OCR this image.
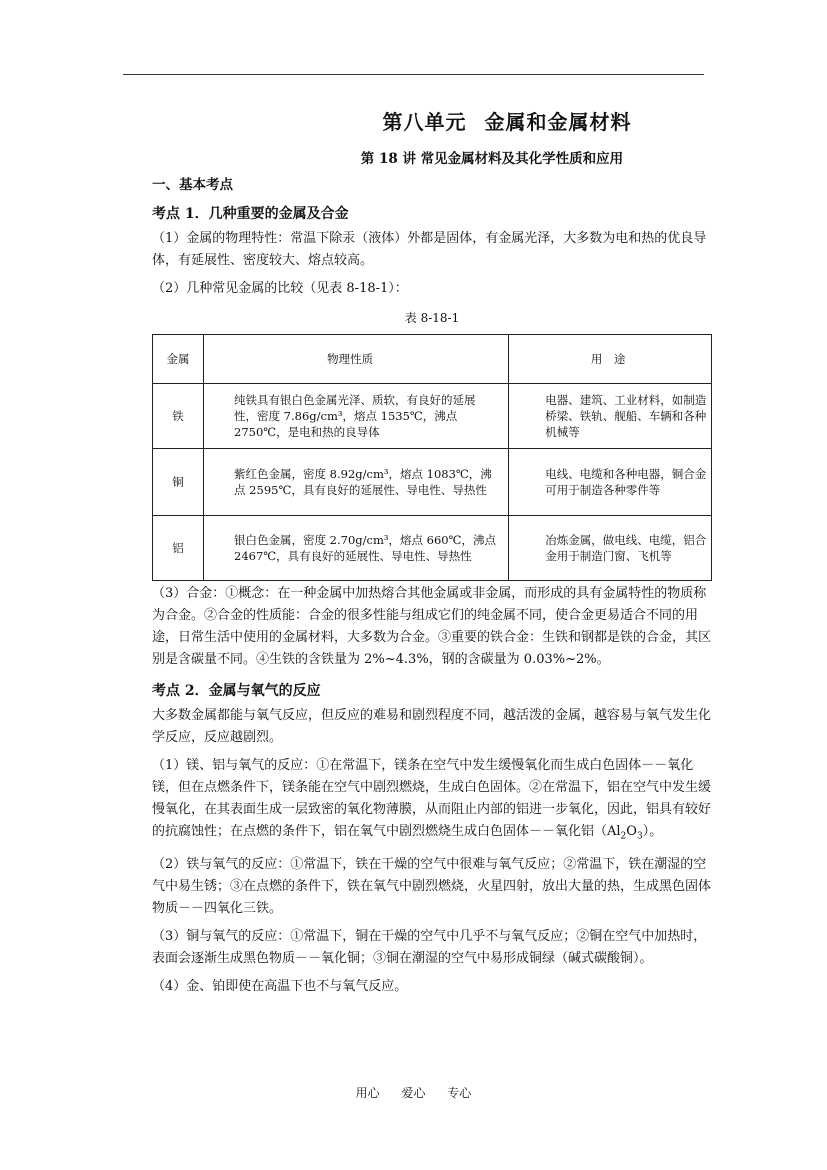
第八单元 金属和金属材料
第 18 讲 常见金属材料及其化学性质和应用
一、基本考点
考点 1．几种重要的金属及合金
（1）金属的物理特性：常温下除汞（液体）外都是固体，有金属光泽，大多数为电和热的优良导体，有延展性、密度较大、熔点较高。
（2）几种常见金属的比较（见表 8-18-1）：
表 8-18-1
金属	物理性质	用　途
铁	纯铁具有银白色金属光泽、质软，有良好的延展性，密度 7.86g/cm³，熔点 1535℃，沸点 2750℃，是电和热的良导体	电器、建筑、工业材料，如制造桥梁、铁轨、舰船、车辆和各种机械等
铜	紫红色金属，密度 8.92g/cm³，熔点 1083℃，沸点 2595℃，具有良好的延展性、导电性、导热性	电线、电缆和各种电器，铜合金可用于制造各种零件等
铝	银白色金属，密度 2.70g/cm³，熔点 660℃，沸点 2467℃，具有良好的延展性、导电性、导热性	冶炼金属，做电线、电缆，铝合金用于制造门窗、飞机等
（3）合金：①概念：在一种金属中加热熔合其他金属或非金属，而形成的具有金属特性的物质称为合金。②合金的性质能：合金的很多性能与组成它们的纯金属不同，使合金更易适合不同的用途，日常生活中使用的金属材料，大多数为合金。③重要的铁合金：生铁和钢都是铁的合金，其区别是含碳量不同。④生铁的含铁量为 2%~4.3%，钢的含碳量为 0.03%~2%。
考点 2．金属与氧气的反应
大多数金属都能与氧气反应，但反应的难易和剧烈程度不同，越活泼的金属，越容易与氧气发生化学反应，反应越剧烈。
（1）镁、铝与氧气的反应：①在常温下，镁条在空气中发生缓慢氧化而生成白色固体－－氧化镁，但在点燃条件下，镁条能在空气中剧烈燃烧，生成白色固体。②在常温下，铝在空气中发生缓慢氧化，在其表面生成一层致密的氧化物薄膜，从而阻止内部的铝进一步氧化，因此，铝具有较好的抗腐蚀性；在点燃的条件下，铝在氧气中剧烈燃烧生成白色固体－－氧化铝$(Al_2O_3)$。
（2）铁与氧气的反应：①常温下，铁在干燥的空气中很难与氧气反应；②常温下，铁在潮湿的空气中易生锈；③在点燃的条件下，铁在氧气中剧烈燃烧，火星四射，放出大量的热，生成黑色固体物质－－四氧化三铁。
（3）铜与氧气的反应：①常温下，铜在干燥的空气中几乎不与氧气反应；②铜在空气中加热时，表面会逐渐生成黑色物质－－氧化铜；③铜在潮湿的空气中易形成铜绿（碱式碳酸铜）。
（4）金、铂即使在高温下也不与氧气反应。
用心 爱心 专心
